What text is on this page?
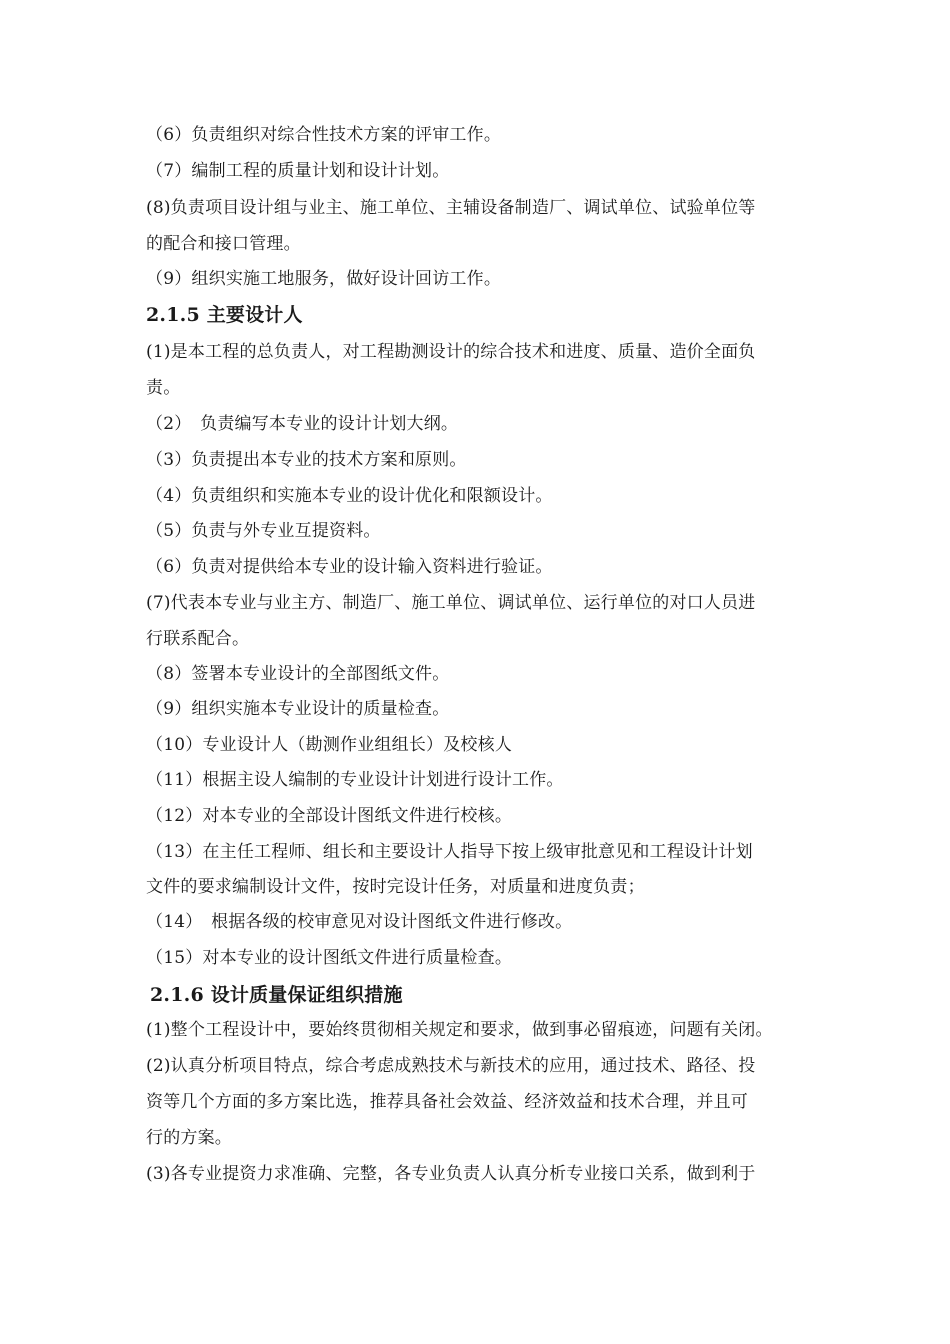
（6）负责组织对综合性技术方案的评审工作。
（7）编制工程的质量计划和设计计划。
(8)负责项目设计组与业主、施工单位、主辅设备制造厂、调试单位、试验单位等
的配合和接口管理。
（9）组织实施工地服务，做好设计回访工作。
2.1.5 主要设计人
(1)是本工程的总负责人，对工程勘测设计的综合技术和进度、质量、造价全面负
责。
（2）　负责编写本专业的设计计划大纲。
（3）负责提出本专业的技术方案和原则。
（4）负责组织和实施本专业的设计优化和限额设计。
（5）负责与外专业互提资料。
（6）负责对提供给本专业的设计输入资料进行验证。
(7)代表本专业与业主方、制造厂、施工单位、调试单位、运行单位的对口人员进
行联系配合。
（8）签署本专业设计的全部图纸文件。
（9）组织实施本专业设计的质量检查。
（10）专业设计人（勘测作业组组长）及校核人
（11）根据主设人编制的专业设计计划进行设计工作。
（12）对本专业的全部设计图纸文件进行校核。
（13）在主任工程师、组长和主要设计人指导下按上级审批意见和工程设计计划
文件的要求编制设计文件，按时完设计任务，对质量和进度负责；
（14）　根据各级的校审意见对设计图纸文件进行修改。
（15）对本专业的设计图纸文件进行质量检查。
2.1.6 设计质量保证组织措施
(1)整个工程设计中，要始终贯彻相关规定和要求，做到事必留痕迹，问题有关闭。
(2)认真分析项目特点，综合考虑成熟技术与新技术的应用，通过技术、路径、投
资等几个方面的多方案比选，推荐具备社会效益、经济效益和技术合理，并且可
行的方案。
(3)各专业提资力求准确、完整，各专业负责人认真分析专业接口关系，做到利于
